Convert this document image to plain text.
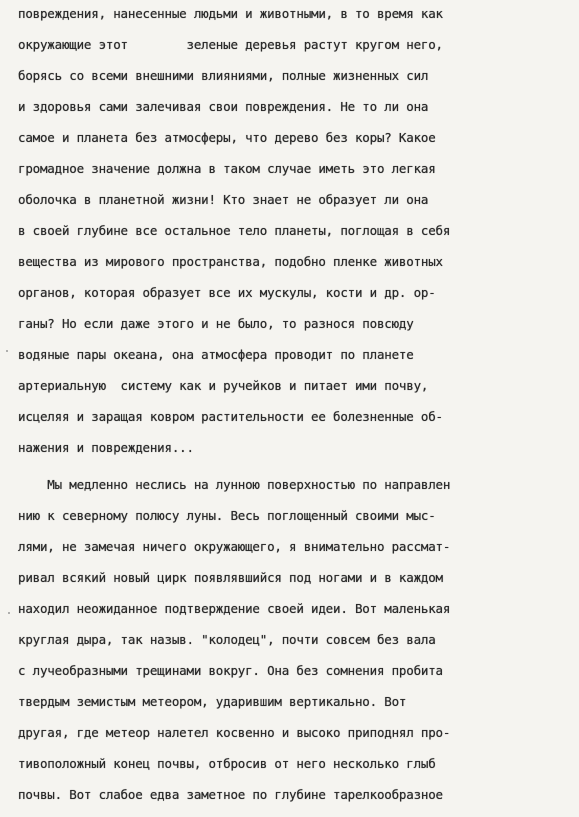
повреждения, нанесенные людьми и животными, в то время как
окружающие этот        зеленые деревья растут кругом него,
борясь со всеми внешними влияниями, полные жизненных сил
и здоровья сами залечивая свои повреждения. Не то ли она
самое и планета без атмосферы, что дерево без коры? Какое
громадное значение должна в таком случае иметь это легкая
оболочка в планетной жизни! Кто знает не образует ли она
в своей глубине все остальное тело планеты, поглощая в себя
вещества из мирового пространства, подобно пленке животных
органов, которая образует все их мускулы, кости и др. ор-
ганы? Но если даже этого и не было, то разнося повсюду
водяные пары океана, она атмосфера проводит по планете
артериальную  систему как и ручейков и питает ими почву,
исцеляя и заращая ковром растительности ее болезненные об-
нажения и повреждения...
Мы медленно неслись на лунною поверхностью по направлен
нию к северному полюсу луны. Весь поглощенный своими мыс-
лями, не замечая ничего окружающего, я внимательно рассмат-
ривал всякий новый цирк появлявшийся под ногами и в каждом
находил неожиданное подтверждение своей идеи. Вот маленькая
круглая дыра, так назыв. "колодец", почти совсем без вала
с лучеобразными трещинами вокруг. Она без сомнения пробита
твердым земистым метеором, ударившим вертикально. Вот
другая, где метеор налетел косвенно и высоко приподнял про-
тивоположный конец почвы, отбросив от него несколько глыб
почвы. Вот слабое едва заметное по глубине тарелкообразное
